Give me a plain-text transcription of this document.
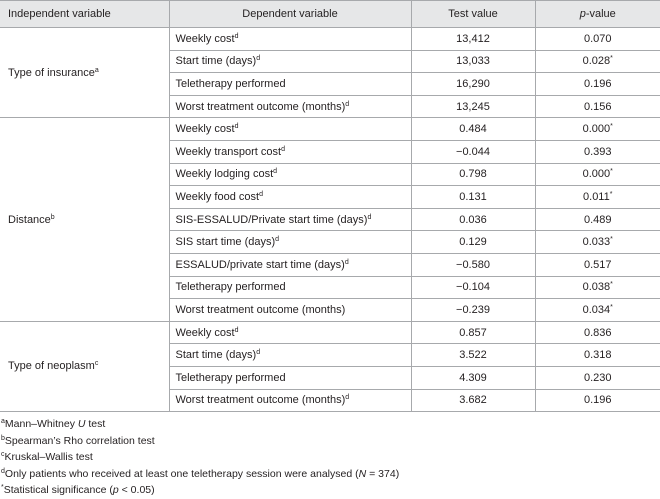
Independent variable	Dependent variable	Test value	p-value
Type of insurance$^a$	Weekly cost$^d$	13,412	0.070
	Start time (days)$^d$	13,033	0.028*
	Teletherapy performed	16,290	0.196
	Worst treatment outcome (months)$^d$	13,245	0.156
Distance$^b$	Weekly cost$^d$	0.484	0.000*
	Weekly transport cost$^d$	−0.044	0.393
	Weekly lodging cost$^d$	0.798	0.000*
	Weekly food cost$^d$	0.131	0.011*
	SIS-ESSALUD/Private start time (days)$^d$	0.036	0.489
	SIS start time (days)$^d$	0.129	0.033*
	ESSALUD/private start time (days)$^d$	−0.580	0.517
	Teletherapy performed	−0.104	0.038*
	Worst treatment outcome (months)	−0.239	0.034*
Type of neoplasm$^c$	Weekly cost$^d$	0.857	0.836
	Start time (days)$^d$	3.522	0.318
	Teletherapy performed	4.309	0.230
	Worst treatment outcome (months)$^d$	3.682	0.196
$^a$Mann–Whitney U test
$^b$Spearman’s Rho correlation test
$^c$Kruskal–Wallis test
$^d$Only patients who received at least one teletherapy session were analysed (N = 374)
*Statistical significance (p < 0.05)
